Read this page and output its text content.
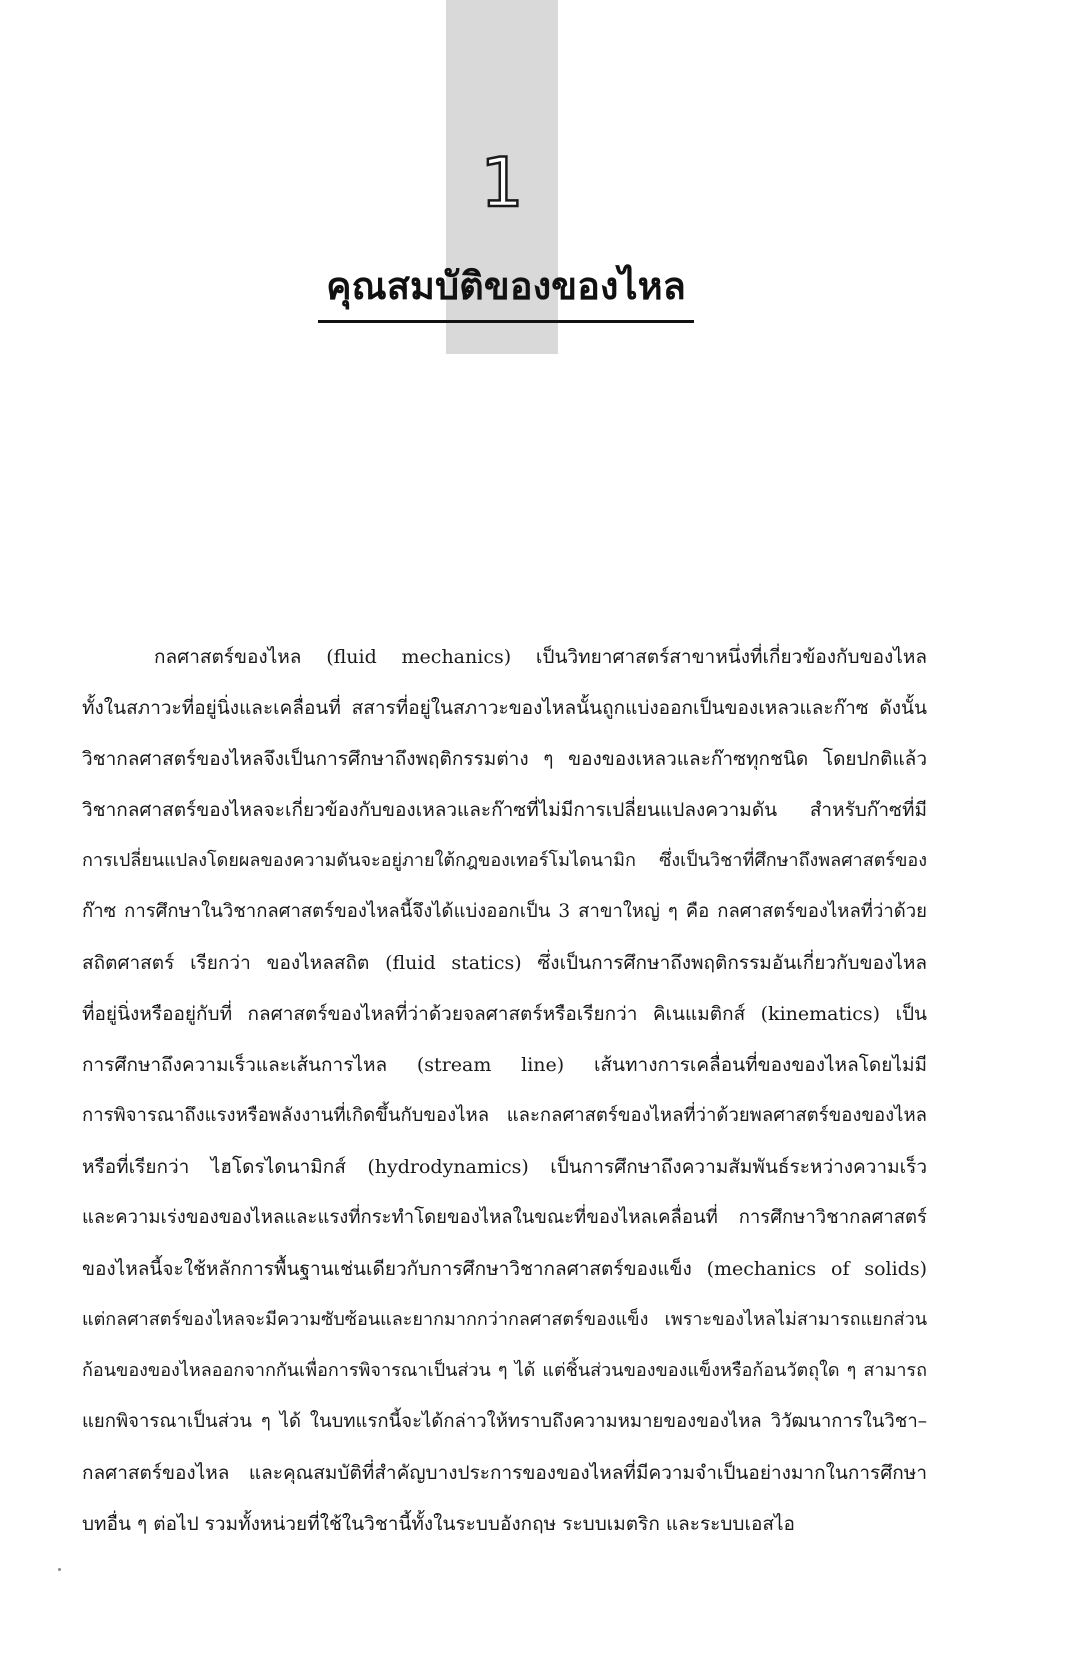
1
คุณสมบัติของของไหล
กลศาสตร์ของไหล (fluid mechanics) เป็นวิทยาศาสตร์สาขาหนึ่งที่เกี่ยวข้องกับของไหล
ทั้งในสภาวะที่อยู่นิ่งและเคลื่อนที่ สสารที่อยู่ในสภาวะของไหลนั้นถูกแบ่งออกเป็นของเหลวและก๊าซ ดังนั้น
วิชากลศาสตร์ของไหลจึงเป็นการศึกษาถึงพฤติกรรมต่าง ๆ ของของเหลวและก๊าซทุกชนิด โดยปกติแล้ว
วิชากลศาสตร์ของไหลจะเกี่ยวข้องกับของเหลวและก๊าซที่ไม่มีการเปลี่ยนแปลงความดัน สำหรับก๊าซที่มี
การเปลี่ยนแปลงโดยผลของความดันจะอยู่ภายใต้กฎของเทอร์โมไดนามิก ซึ่งเป็นวิชาที่ศึกษาถึงพลศาสตร์ของ
ก๊าซ การศึกษาในวิชากลศาสตร์ของไหลนี้จึงได้แบ่งออกเป็น 3 สาขาใหญ่ ๆ คือ กลศาสตร์ของไหลที่ว่าด้วย
สถิตศาสตร์ เรียกว่า ของไหลสถิต (fluid statics) ซึ่งเป็นการศึกษาถึงพฤติกรรมอันเกี่ยวกับของไหล
ที่อยู่นิ่งหรืออยู่กับที่ กลศาสตร์ของไหลที่ว่าด้วยจลศาสตร์หรือเรียกว่า คิเนแมติกส์ (kinematics) เป็น
การศึกษาถึงความเร็วและเส้นการไหล (stream line) เส้นทางการเคลื่อนที่ของของไหลโดยไม่มี
การพิจารณาถึงแรงหรือพลังงานที่เกิดขึ้นกับของไหล และกลศาสตร์ของไหลที่ว่าด้วยพลศาสตร์ของของไหล
หรือที่เรียกว่า ไฮโดรไดนามิกส์ (hydrodynamics) เป็นการศึกษาถึงความสัมพันธ์ระหว่างความเร็ว
และความเร่งของของไหลและแรงที่กระทำโดยของไหลในขณะที่ของไหลเคลื่อนที่ การศึกษาวิชากลศาสตร์
ของไหลนี้จะใช้หลักการพื้นฐานเช่นเดียวกับการศึกษาวิชากลศาสตร์ของแข็ง (mechanics of solids)
แต่กลศาสตร์ของไหลจะมีความซับซ้อนและยากมากกว่ากลศาสตร์ของแข็ง เพราะของไหลไม่สามารถแยกส่วน
ก้อนของของไหลออกจากกันเพื่อการพิจารณาเป็นส่วน ๆ ได้ แต่ชิ้นส่วนของของแข็งหรือก้อนวัตถุใด ๆ สามารถ
แยกพิจารณาเป็นส่วน ๆ ได้ ในบทแรกนี้จะได้กล่าวให้ทราบถึงความหมายของของไหล วิวัฒนาการในวิชา–
กลศาสตร์ของไหล และคุณสมบัติที่สำคัญบางประการของของไหลที่มีความจำเป็นอย่างมากในการศึกษา
บทอื่น ๆ ต่อไป รวมทั้งหน่วยที่ใช้ในวิชานี้ทั้งในระบบอังกฤษ ระบบเมตริก และระบบเอสไอ
